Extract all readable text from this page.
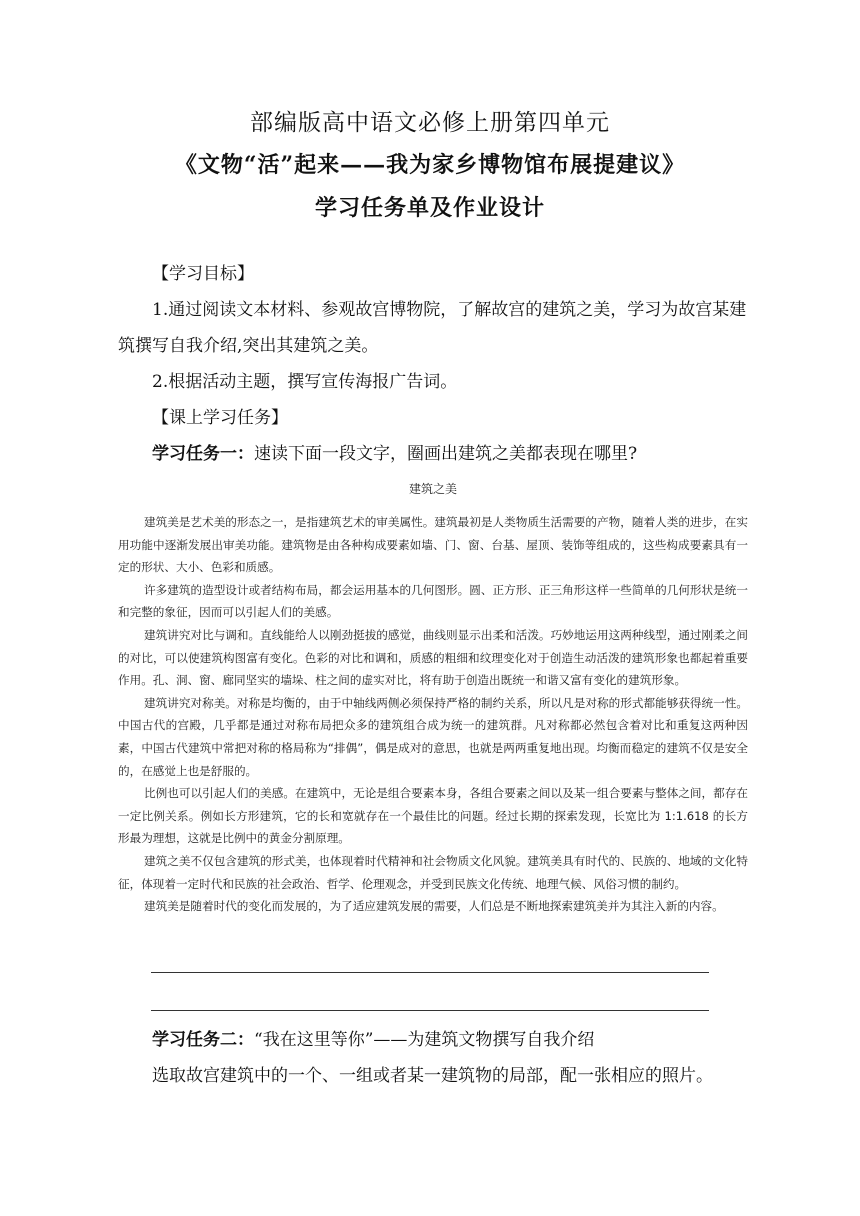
部编版高中语文必修上册第四单元
《文物“活”起来——我为家乡博物馆布展提建议》
学习任务单及作业设计
【学习目标】
1.通过阅读文本材料、参观故宫博物院，了解故宫的建筑之美，学习为故宫某建筑撰写自我介绍,突出其建筑之美。
2.根据活动主题，撰写宣传海报广告词。
【课上学习任务】
学习任务一：速读下面一段文字，圈画出建筑之美都表现在哪里?
建筑之美

建筑美是艺术美的形态之一，是指建筑艺术的审美属性。建筑最初是人类物质生活需要的产物，随着人类的进步，在实用功能中逐渐发展出审美功能。建筑物是由各种构成要素如墙、门、窗、台基、屋顶、装饰等组成的，这些构成要素具有一定的形状、大小、色彩和质感。

许多建筑的造型设计或者结构布局，都会运用基本的几何图形。圆、正方形、正三角形这样一些简单的几何形状是统一和完整的象征，因而可以引起人们的美感。

建筑讲究对比与调和。直线能给人以刚劲挺拔的感觉，曲线则显示出柔和活泼。巧妙地运用这两种线型，通过刚柔之间的对比，可以使建筑构图富有变化。色彩的对比和调和，质感的粗细和纹理变化对于创造生动活泼的建筑形象也都起着重要作用。孔、洞、窗、廊同坚实的墙垛、柱之间的虚实对比，将有助于创造出既统一和谐又富有变化的建筑形象。

建筑讲究对称美。对称是均衡的，由于中轴线两侧必须保持严格的制约关系，所以凡是对称的形式都能够获得统一性。中国古代的宫殿，几乎都是通过对称布局把众多的建筑组合成为统一的建筑群。凡对称都必然包含着对比和重复这两种因素，中国古代建筑中常把对称的格局称为“排偶”，偶是成对的意思，也就是两两重复地出现。均衡而稳定的建筑不仅是安全的，在感觉上也是舒服的。

比例也可以引起人们的美感。在建筑中，无论是组合要素本身，各组合要素之间以及某一组合要素与整体之间，都存在一定比例关系。例如长方形建筑，它的长和宽就存在一个最佳比的问题。经过长期的探索发现，长宽比为 1:1.618 的长方形最为理想，这就是比例中的黄金分割原理。

建筑之美不仅包含建筑的形式美，也体现着时代精神和社会物质文化风貌。建筑美具有时代的、民族的、地域的文化特征，体现着一定时代和民族的社会政治、哲学、伦理观念，并受到民族文化传统、地理气候、风俗习惯的制约。

建筑美是随着时代的变化而发展的，为了适应建筑发展的需要，人们总是不断地探索建筑美并为其注入新的内容。

学习任务二：“我在这里等你”——为建筑文物撰写自我介绍
选取故宫建筑中的一个、一组或者某一建筑物的局部，配一张相应的照片。
